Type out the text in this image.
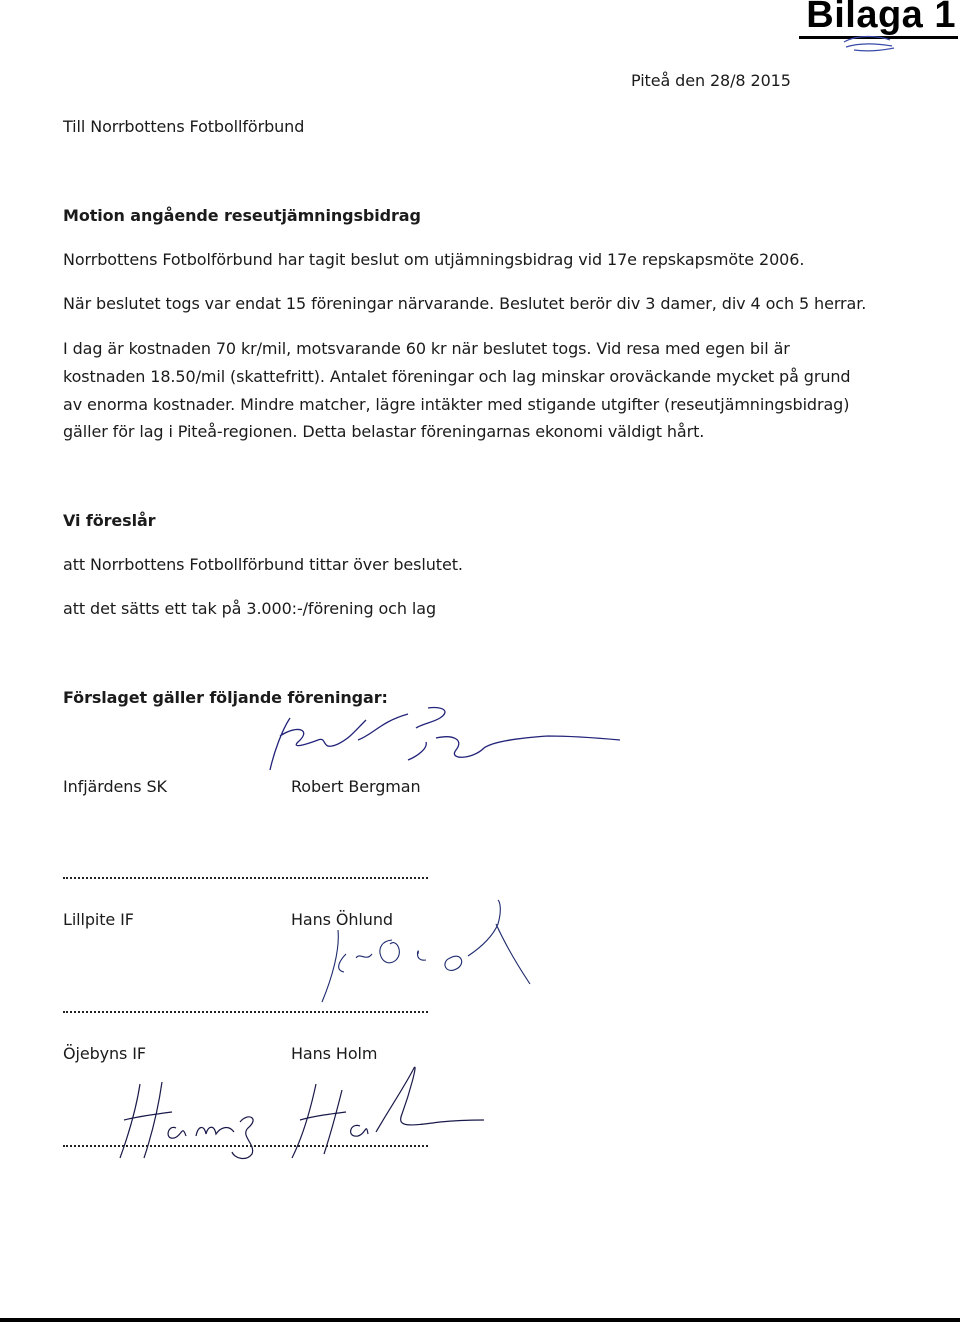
Bilaga 1
Piteå den 28/8 2015
Till Norrbottens Fotbollförbund
Motion angående reseutjämningsbidrag
Norrbottens Fotbolförbund har tagit beslut om utjämningsbidrag vid 17e repskapsmöte 2006.
När beslutet togs var endat 15 föreningar närvarande. Beslutet berör div 3 damer, div 4 och 5 herrar.
I dag är kostnaden 70 kr/mil, motsvarande 60 kr när beslutet togs. Vid resa med egen bil är
kostnaden 18.50/mil (skattefritt). Antalet föreningar och lag minskar oroväckande mycket på grund
av enorma kostnader. Mindre matcher, lägre intäkter med stigande utgifter (reseutjämningsbidrag)
gäller för lag i Piteå-regionen. Detta belastar föreningarnas ekonomi väldigt hårt.
Vi föreslår
att Norrbottens Fotbollförbund tittar över beslutet.
att det sätts ett tak på 3.000:-/förening och lag
Förslaget gäller följande föreningar:
Infjärdens SK	Robert Bergman
Lillpite IF	Hans Öhlund
Öjebyns IF	Hans Holm
